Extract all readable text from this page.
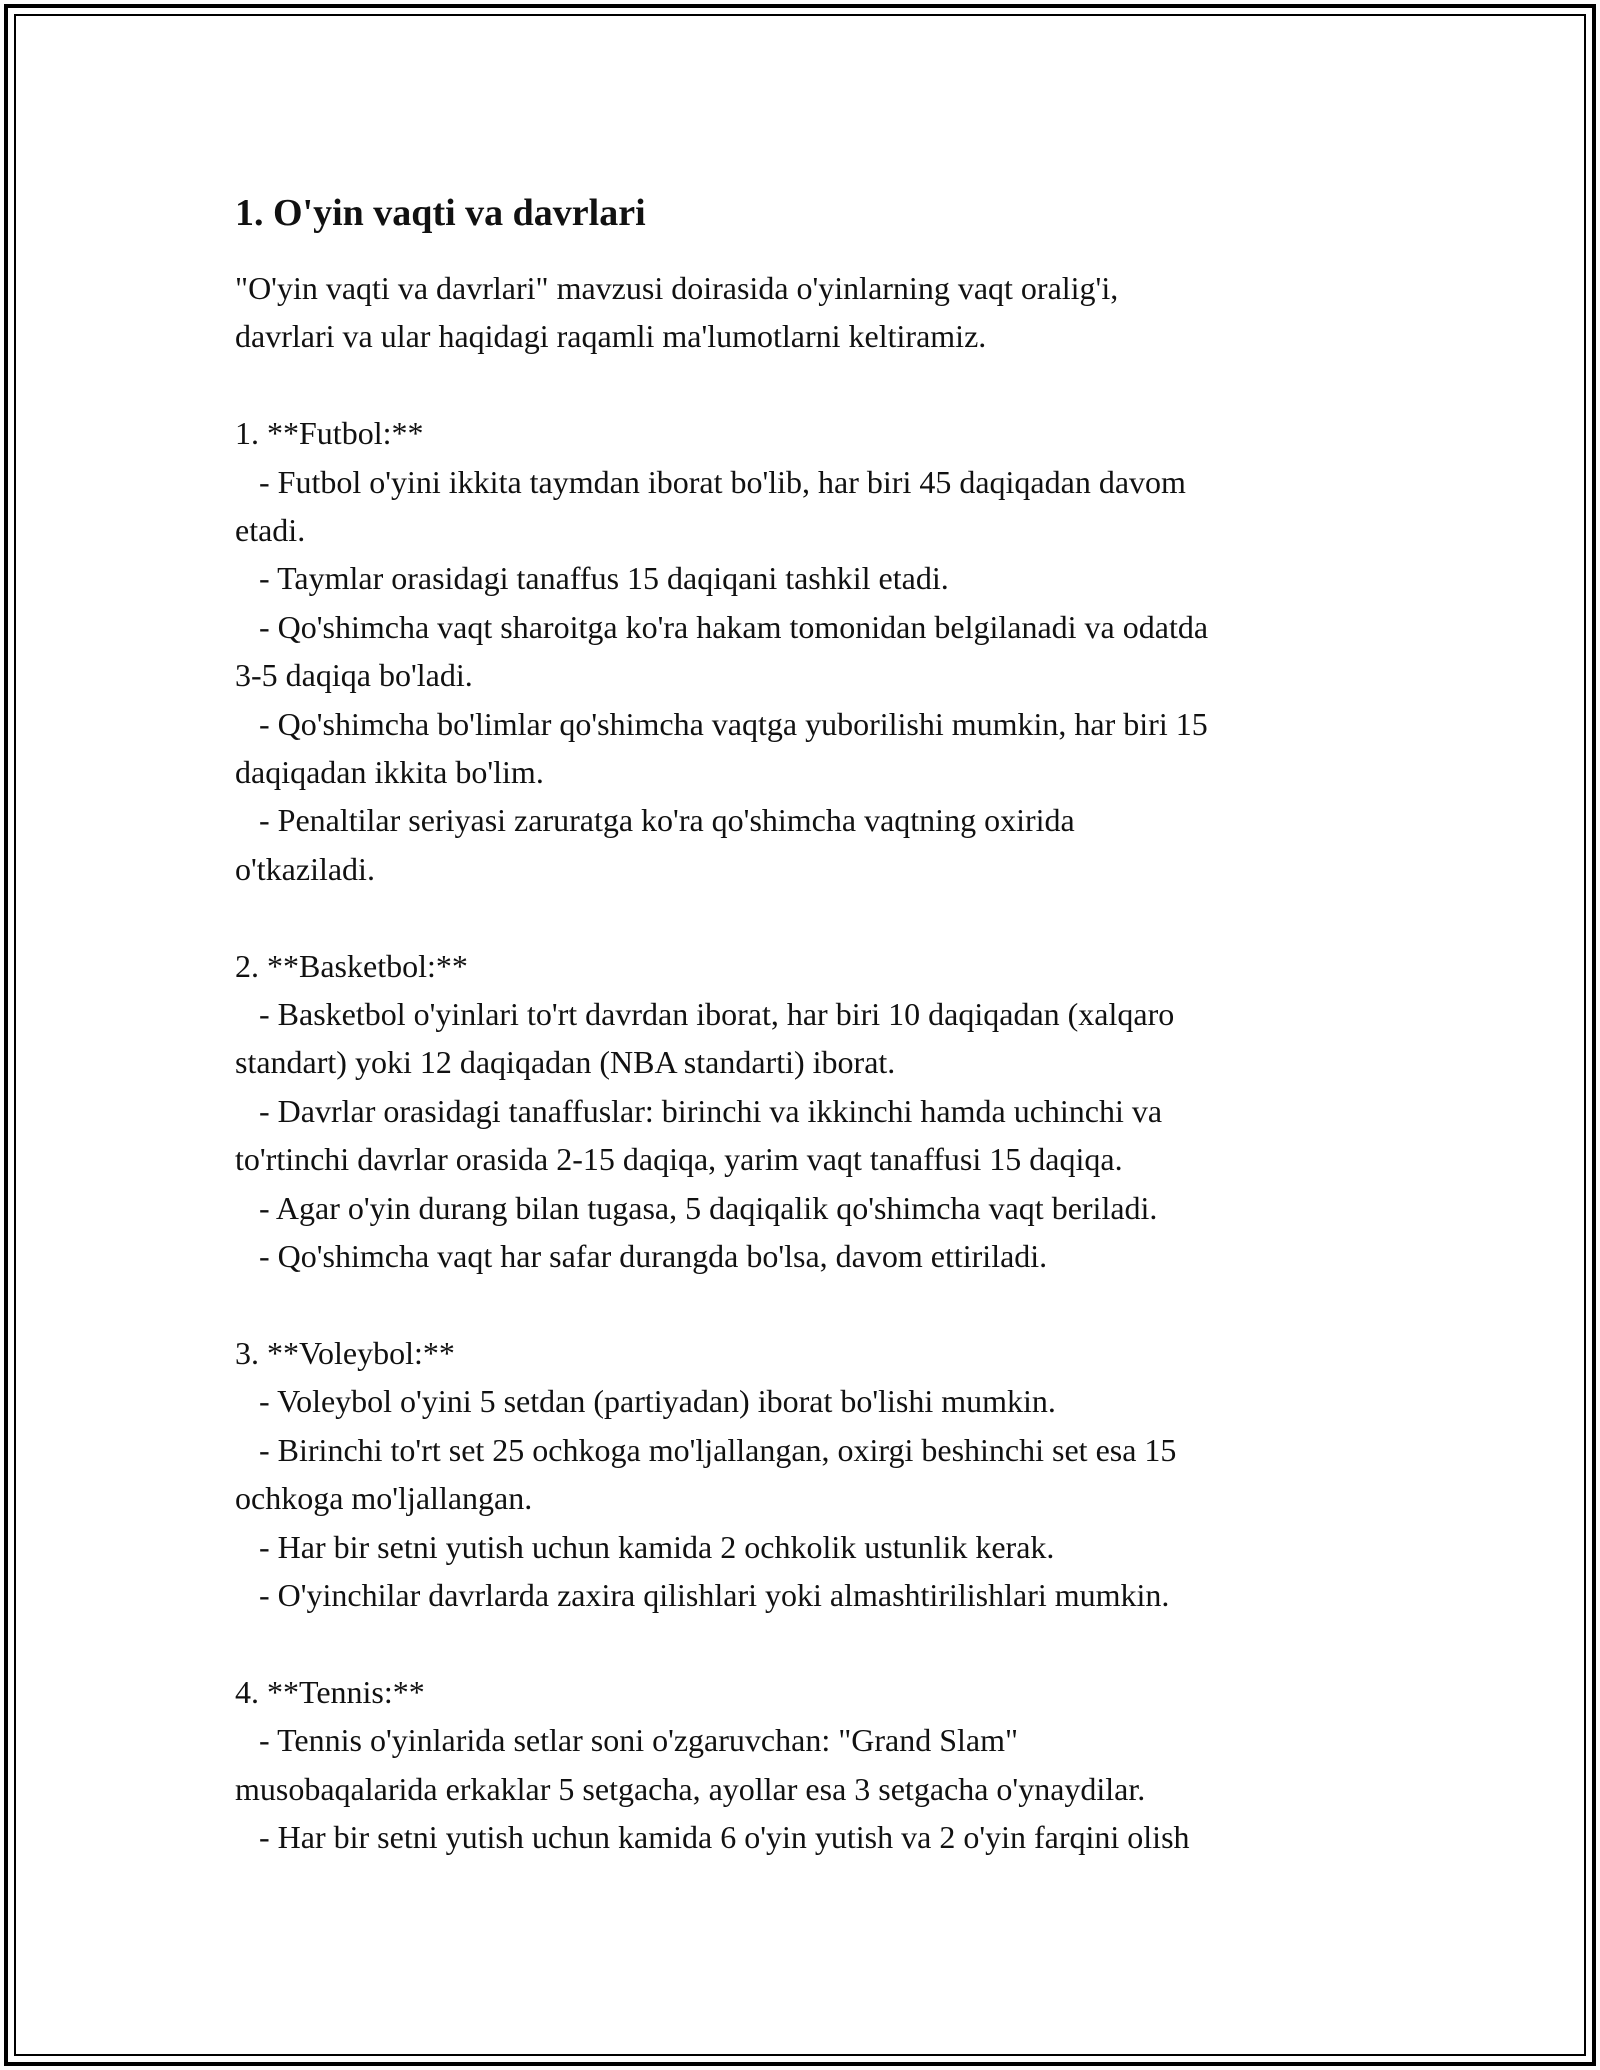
1. O'yin vaqti va davrlari

"O'yin vaqti va davrlari" mavzusi doirasida o'yinlarning vaqt oralig'i,
davrlari va ular haqidagi raqamli ma'lumotlarni keltiramiz.

1. **Futbol:**

- Futbol o'yini ikkita taymdan iborat bo'lib, har biri 45 daqiqadan davom
etadi.

- Taymlar orasidagi tanaffus 15 daqiqani tashkil etadi.

- Qo'shimcha vaqt sharoitga ko'ra hakam tomonidan belgilanadi va odatda
3-5 daqiqa bo'ladi.

- Qo'shimcha bo'limlar qo'shimcha vaqtga yuborilishi mumkin, har biri 15
daqiqadan ikkita bo'lim.

- Penaltilar seriyasi zaruratga ko'ra qo'shimcha vaqtning oxirida
o'tkaziladi.

2. **Basketbol:**

- Basketbol o'yinlari to'rt davrdan iborat, har biri 10 daqiqadan (xalqaro
standart) yoki 12 daqiqadan (NBA standarti) iborat.

- Davrlar orasidagi tanaffuslar: birinchi va ikkinchi hamda uchinchi va
to'rtinchi davrlar orasida 2-15 daqiqa, yarim vaqt tanaffusi 15 daqiqa.

- Agar o'yin durang bilan tugasa, 5 daqiqalik qo'shimcha vaqt beriladi.

- Qo'shimcha vaqt har safar durangda bo'lsa, davom ettiriladi.

3. **Voleybol:**

- Voleybol o'yini 5 setdan (partiyadan) iborat bo'lishi mumkin.

- Birinchi to'rt set 25 ochkoga mo'ljallangan, oxirgi beshinchi set esa 15
ochkoga mo'ljallangan.

- Har bir setni yutish uchun kamida 2 ochkolik ustunlik kerak.

- O'yinchilar davrlarda zaxira qilishlari yoki almashtirilishlari mumkin.

4. **Tennis:**

- Tennis o'yinlarida setlar soni o'zgaruvchan: "Grand Slam"
musobaqalarida erkaklar 5 setgacha, ayollar esa 3 setgacha o'ynaydilar.

- Har bir setni yutish uchun kamida 6 o'yin yutish va 2 o'yin farqini olish
